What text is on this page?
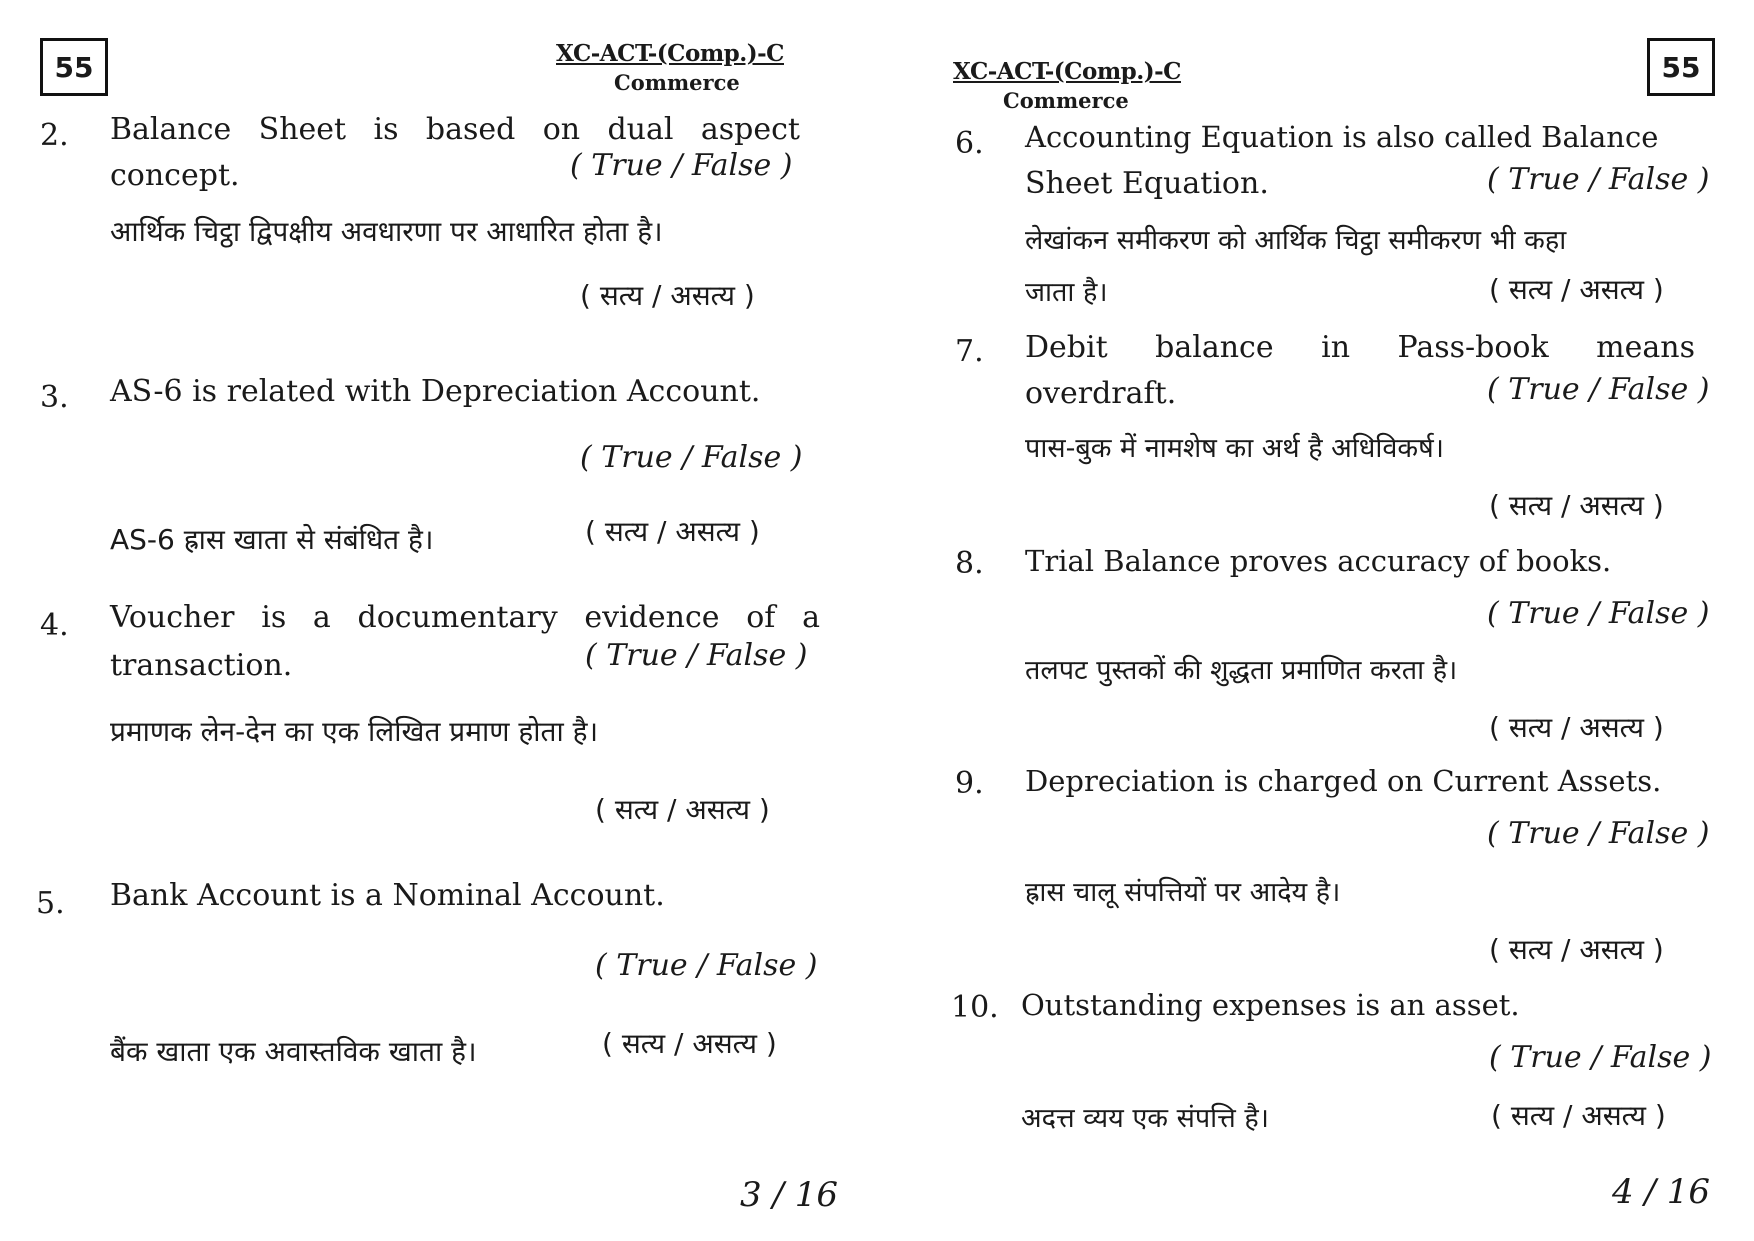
55	XC-ACT-(Comp.)-C
Commerce
2. Balance Sheet is based on dual aspect
concept.	( True / False )
आर्थिक चिट्ठा द्विपक्षीय अवधारणा पर आधारित होता है।
( सत्य / असत्य )
3. AS-6 is related with Depreciation Account.
( True / False )
AS-6 ह्रास खाता से संबंधित है।	( सत्य / असत्य )
4. Voucher is a documentary evidence of a
transaction.	( True / False )
प्रमाणक लेन-देन का एक लिखित प्रमाण होता है।
( सत्य / असत्य )
5. Bank Account is a Nominal Account.
( True / False )
बैंक खाता एक अवास्तविक खाता है।	( सत्य / असत्य )
3 / 16
XC-ACT-(Comp.)-C
Commerce
55
6. Accounting Equation is also called Balance
Sheet Equation.	( True / False )
लेखांकन समीकरण को आर्थिक चिट्ठा समीकरण भी कहा
जाता है।	( सत्य / असत्य )
7. Debit balance in Pass-book means
overdraft.	( True / False )
पास-बुक में नामशेष का अर्थ है अधिविकर्ष।
( सत्य / असत्य )
8. Trial Balance proves accuracy of books.
( True / False )
तलपट पुस्तकों की शुद्धता प्रमाणित करता है।
( सत्य / असत्य )
9. Depreciation is charged on Current Assets.
( True / False )
ह्रास चालू संपत्तियों पर आदेय है।
( सत्य / असत्य )
10. Outstanding expenses is an asset.
( True / False )
अदत्त व्यय एक संपत्ति है।	( सत्य / असत्य )
4 / 16
